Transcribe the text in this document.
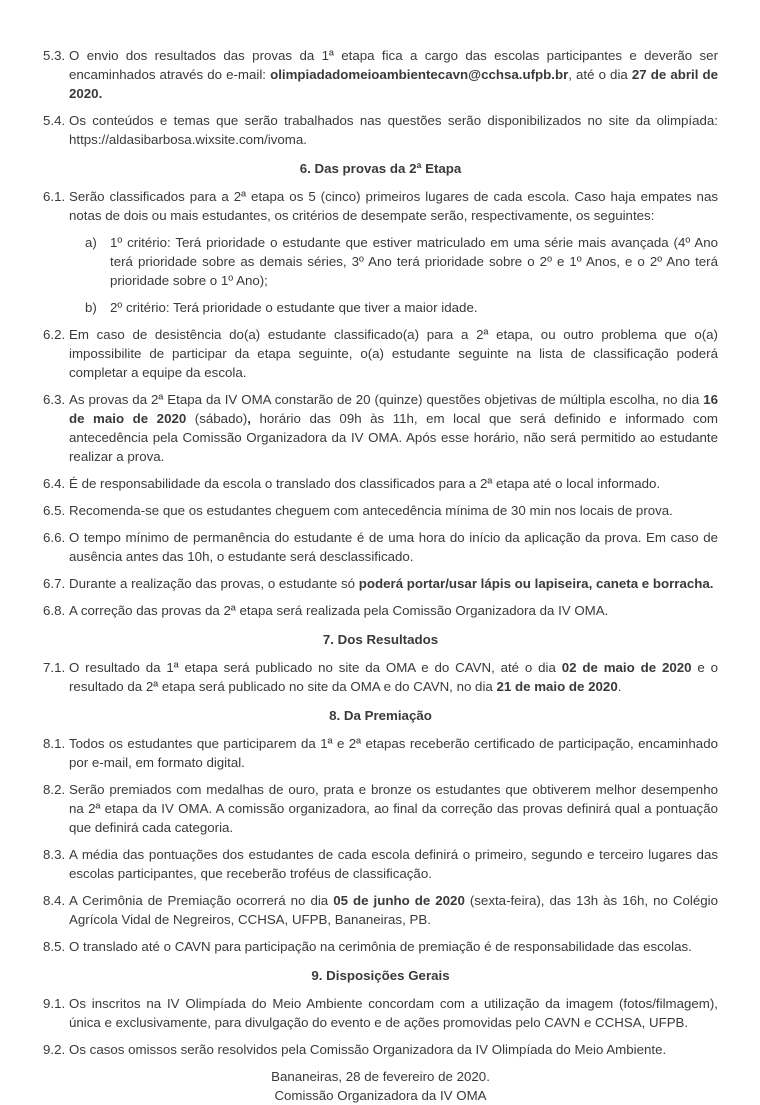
5.3. O envio dos resultados das provas da 1ª etapa fica a cargo das escolas participantes e deverão ser encaminhados através do e-mail: olimpiadadomeioambientecavn@cchsa.ufpb.br, até o dia 27 de abril de 2020.

5.4. Os conteúdos e temas que serão trabalhados nas questões serão disponibilizados no site da olimpíada: https://aldasibarbosa.wixsite.com/ivoma.

6. Das provas da 2ª Etapa

6.1. Serão classificados para a 2ª etapa os 5 (cinco) primeiros lugares de cada escola. Caso haja empates nas notas de dois ou mais estudantes, os critérios de desempate serão, respectivamente, os seguintes:

a) 1º critério: Terá prioridade o estudante que estiver matriculado em uma série mais avançada (4º Ano terá prioridade sobre as demais séries, 3º Ano terá prioridade sobre o 2º e 1º Anos, e o 2º Ano terá prioridade sobre o 1º Ano);

b) 2º critério: Terá prioridade o estudante que tiver a maior idade.

6.2. Em caso de desistência do(a) estudante classificado(a) para a 2ª etapa, ou outro problema que o(a) impossibilite de participar da etapa seguinte, o(a) estudante seguinte na lista de classificação poderá completar a equipe da escola.

6.3. As provas da 2ª Etapa da IV OMA constarão de 20 (quinze) questões objetivas de múltipla escolha, no dia 16 de maio de 2020 (sábado), horário das 09h às 11h, em local que será definido e informado com antecedência pela Comissão Organizadora da IV OMA. Após esse horário, não será permitido ao estudante realizar a prova.

6.4. É de responsabilidade da escola o translado dos classificados para a 2ª etapa até o local informado.

6.5. Recomenda-se que os estudantes cheguem com antecedência mínima de 30 min nos locais de prova.

6.6. O tempo mínimo de permanência do estudante é de uma hora do início da aplicação da prova. Em caso de ausência antes das 10h, o estudante será desclassificado.

6.7. Durante a realização das provas, o estudante só poderá portar/usar lápis ou lapiseira, caneta e borracha.

6.8. A correção das provas da 2ª etapa será realizada pela Comissão Organizadora da IV OMA.

7. Dos Resultados

7.1. O resultado da 1ª etapa será publicado no site da OMA e do CAVN, até o dia 02 de maio de 2020 e o resultado da 2ª etapa será publicado no site da OMA e do CAVN, no dia 21 de maio de 2020.

8. Da Premiação

8.1. Todos os estudantes que participarem da 1ª e 2ª etapas receberão certificado de participação, encaminhado por e-mail, em formato digital.

8.2. Serão premiados com medalhas de ouro, prata e bronze os estudantes que obtiverem melhor desempenho na 2ª etapa da IV OMA. A comissão organizadora, ao final da correção das provas definirá qual a pontuação que definirá cada categoria.

8.3. A média das pontuações dos estudantes de cada escola definirá o primeiro, segundo e terceiro lugares das escolas participantes, que receberão troféus de classificação.

8.4. A Cerimônia de Premiação ocorrerá no dia 05 de junho de 2020 (sexta-feira), das 13h às 16h, no Colégio Agrícola Vidal de Negreiros, CCHSA, UFPB, Bananeiras, PB.

8.5. O translado até o CAVN para participação na cerimônia de premiação é de responsabilidade das escolas.

9. Disposições Gerais

9.1. Os inscritos na IV Olimpíada do Meio Ambiente concordam com a utilização da imagem (fotos/filmagem), única e exclusivamente, para divulgação do evento e de ações promovidas pelo CAVN e CCHSA, UFPB.

9.2. Os casos omissos serão resolvidos pela Comissão Organizadora da IV Olimpíada do Meio Ambiente.

Bananeiras, 28 de fevereiro de 2020.

Comissão Organizadora da IV OMA
